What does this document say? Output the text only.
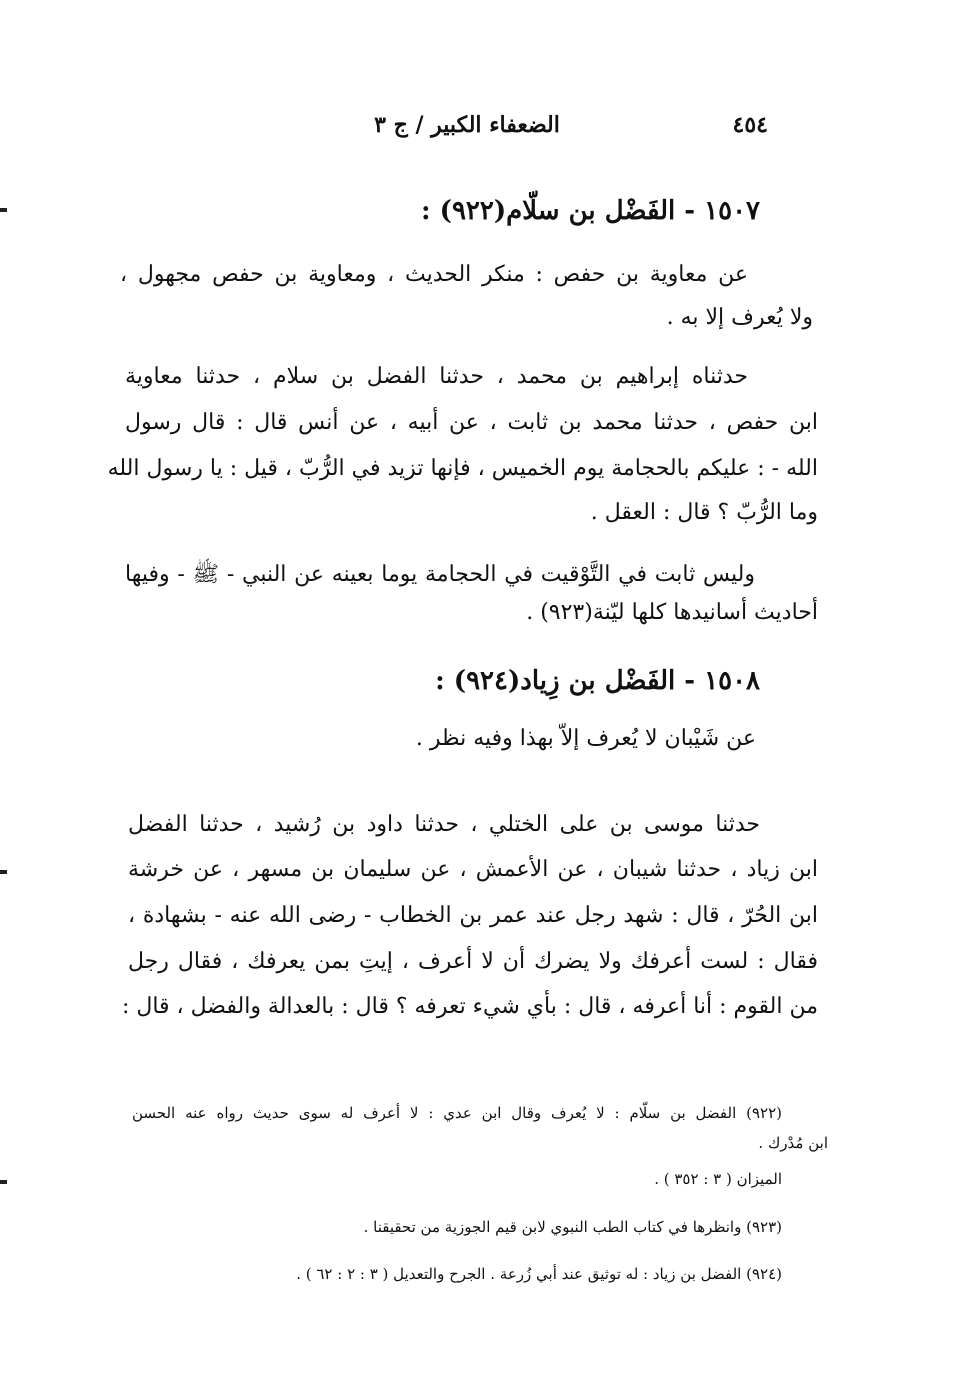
٤٥٤
الضعفاء الكبير / ج ٣
١٥٠٧ - الفَضْل بن سلّام(٩٢٢) :
عن معاوية بن حفص : منكر الحديث ، ومعاوية بن حفص مجهول ،
ولا يُعرف إلا به .
حدثناه إبراهيم بن محمد ، حدثنا الفضل بن سلام ، حدثنا معاوية
ابن حفص ، حدثنا محمد بن ثابت ، عن أبيه ، عن أنس قال : قال رسول
الله - : عليكم بالحجامة يوم الخميس ، فإنها تزيد في الرُّبّ ، قيل : يا رسول الله
وما الرُّبّ ؟ قال : العقل .
وليس ثابت في التَّوْقيت في الحجامة يوما بعينه عن النبي - ﷺ - وفيها
أحاديث أسانيدها كلها ليّنة(٩٢٣) .
١٥٠٨ - الفَضْل بن زِياد(٩٢٤) :
عن شَيْبان لا يُعرف إلاّ بهذا وفيه نظر .
حدثنا موسى بن على الختلي ، حدثنا داود بن رُشيد ، حدثنا الفضل
ابن زياد ، حدثنا شيبان ، عن الأعمش ، عن سليمان بن مسهر ، عن خرشة
ابن الحُرّ ، قال : شهد رجل عند عمر بن الخطاب - رضى الله عنه - بشهادة ،
فقال : لست أعرفك ولا يضرك أن لا أعرف ، إيتِ بمن يعرفك ، فقال رجل
من القوم : أنا أعرفه ، قال : بأي شيء تعرفه ؟ قال : بالعدالة والفضل ، قال :
(٩٢٢) الفضل بن سلّام : لا يُعرف وقال ابن عدي : لا أعرف له سوى حديث رواه عنه الحسن
ابن مُدْرك .
الميزان ( ٣ : ٣٥٢ ) .
(٩٢٣) وانظرها في كتاب الطب النبوي لابن قيم الجوزية من تحقيقنا .
(٩٢٤) الفضل بن زياد : له توثيق عند أبي زُرعة . الجرح والتعديل ( ٣ : ٢ : ٦٢ ) .
